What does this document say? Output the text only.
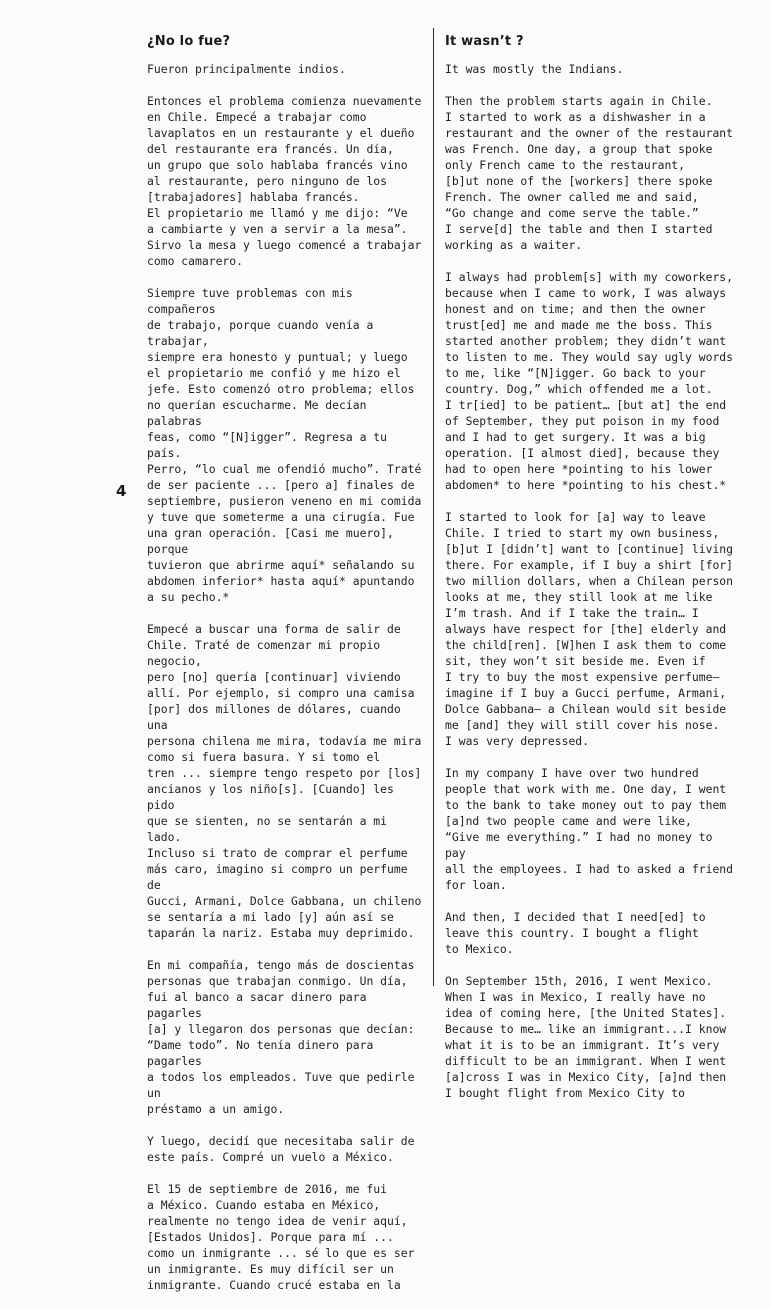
¿No lo fue?	It wasn’t ?
4

Fueron principalmente indios.

Entonces el problema comienza nuevamente
en Chile. Empecé a trabajar como
lavaplatos en un restaurante y el dueño
del restaurante era francés. Un día,
un grupo que solo hablaba francés vino
al restaurante, pero ninguno de los
[trabajadores] hablaba francés.
El propietario me llamó y me dijo: “Ve
a cambiarte y ven a servir a la mesa”.
Sirvo la mesa y luego comencé a trabajar
como camarero.

Siempre tuve problemas con mis compañeros
de trabajo, porque cuando venía a trabajar,
siempre era honesto y puntual; y luego
el propietario me confió y me hizo el
jefe. Esto comenzó otro problema; ellos
no querían escucharme. Me decían palabras
feas, como “[N]igger”. Regresa a tu país.
Perro, “lo cual me ofendió mucho”. Traté
de ser paciente ... [pero a] finales de
septiembre, pusieron veneno en mi comida
y tuve que someterme a una cirugía. Fue
una gran operación. [Casi me muero], porque
tuvieron que abrirme aquí* señalando su
abdomen inferior* hasta aquí* apuntando
a su pecho.*

Empecé a buscar una forma de salir de
Chile. Traté de comenzar mi propio negocio,
pero [no] quería [continuar] viviendo
allí. Por ejemplo, si compro una camisa
[por] dos millones de dólares, cuando una
persona chilena me mira, todavía me mira
como si fuera basura. Y si tomo el
tren ... siempre tengo respeto por [los]
ancianos y los niño[s]. [Cuando] les pido
que se sienten, no se sentarán a mi lado.
Incluso si trato de comprar el perfume
más caro, imagino si compro un perfume de
Gucci, Armani, Dolce Gabbana, un chileno
se sentaría a mi lado [y] aún así se
taparán la nariz. Estaba muy deprimido.

En mi compañía, tengo más de doscientas
personas que trabajan conmigo. Un día,
fui al banco a sacar dinero para pagarles
[a] y llegaron dos personas que decían:
“Dame todo”. No tenía dinero para pagarles
a todos los empleados. Tuve que pedirle un
préstamo a un amigo.

Y luego, decidí que necesitaba salir de
este país. Compré un vuelo a México.

El 15 de septiembre de 2016, me fui
a México. Cuando estaba en México,
realmente no tengo idea de venir aquí,
[Estados Unidos]. Porque para mí ...
como un inmigrante ... sé lo que es ser
un inmigrante. Es muy difícil ser un
inmigrante. Cuando crucé estaba en la

It was mostly the Indians.

Then the problem starts again in Chile.
I started to work as a dishwasher in a
restaurant and the owner of the restaurant
was French. One day, a group that spoke
only French came to the restaurant,
[b]ut none of the [workers] there spoke
French. The owner called me and said,
“Go change and come serve the table.”
I serve[d] the table and then I started
working as a waiter.

I always had problem[s] with my coworkers,
because when I came to work, I was always
honest and on time; and then the owner
trust[ed] me and made me the boss. This
started another problem; they didn’t want
to listen to me. They would say ugly words
to me, like “[N]igger. Go back to your
country. Dog,” which offended me a lot.
I tr[ied] to be patient… [but at] the end
of September, they put poison in my food
and I had to get surgery. It was a big
operation. [I almost died], because they
had to open here *pointing to his lower
abdomen* to here *pointing to his chest.*

I started to look for [a] way to leave
Chile. I tried to start my own business,
[b]ut I [didn’t] want to [continue] living
there. For example, if I buy a shirt [for]
two million dollars, when a Chilean person
looks at me, they still look at me like
I’m trash. And if I take the train… I
always have respect for [the] elderly and
the child[ren]. [W]hen I ask them to come
sit, they won’t sit beside me. Even if
I try to buy the most expensive perfume—
imagine if I buy a Gucci perfume, Armani,
Dolce Gabbana— a Chilean would sit beside
me [and] they will still cover his nose.
I was very depressed.

In my company I have over two hundred
people that work with me. One day, I went
to the bank to take money out to pay them
[a]nd two people came and were like,
“Give me everything.” I had no money to pay
all the employees. I had to asked a friend
for loan.

And then, I decided that I need[ed] to
leave this country. I bought a flight
to Mexico.

On September 15th, 2016, I went Mexico.
When I was in Mexico, I really have no
idea of coming here, [the United States].
Because to me… like an immigrant...I know
what it is to be an immigrant. It’s very
difficult to be an immigrant. When I went
[a]cross I was in Mexico City, [a]nd then
I bought flight from Mexico City to
